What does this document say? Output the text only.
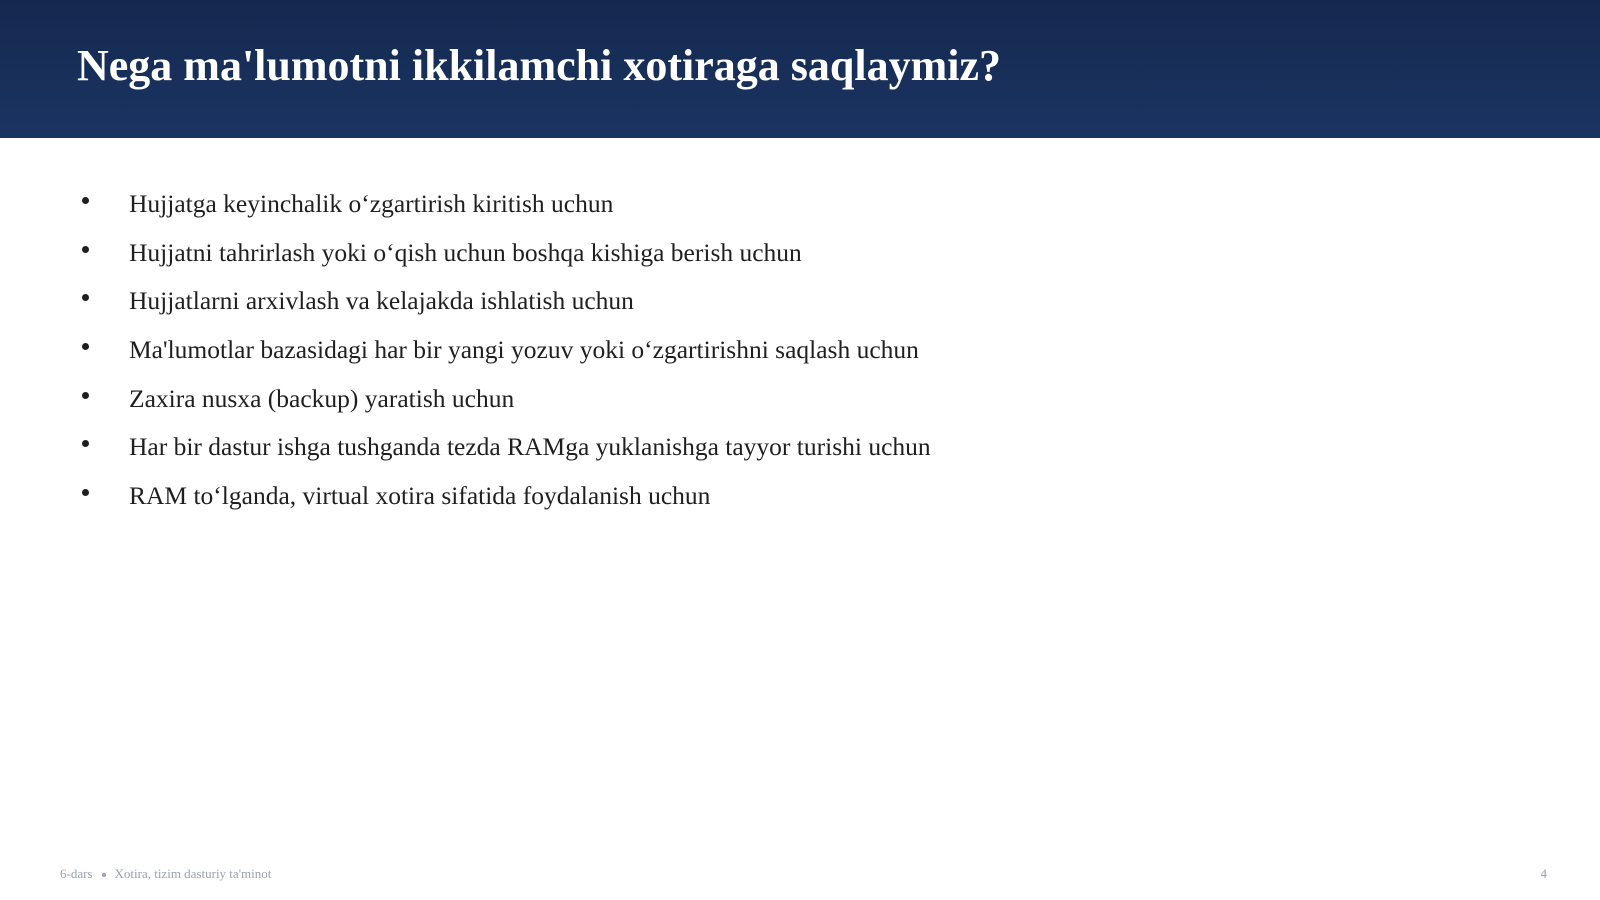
Nega ma'lumotni ikkilamchi xotiraga saqlaymiz?
Hujjatga keyinchalik o‘zgartirish kiritish uchun
Hujjatni tahrirlash yoki o‘qish uchun boshqa kishiga berish uchun
Hujjatlarni arxivlash va kelajakda ishlatish uchun
Ma'lumotlar bazasidagi har bir yangi yozuv yoki o‘zgartirishni saqlash uchun
Zaxira nusxa (backup) yaratish uchun
Har bir dastur ishga tushganda tezda RAMga yuklanishga tayyor turishi uchun
RAM to‘lganda, virtual xotira sifatida foydalanish uchun
6-dars Xotira, tizim dasturiy ta'minot	4
